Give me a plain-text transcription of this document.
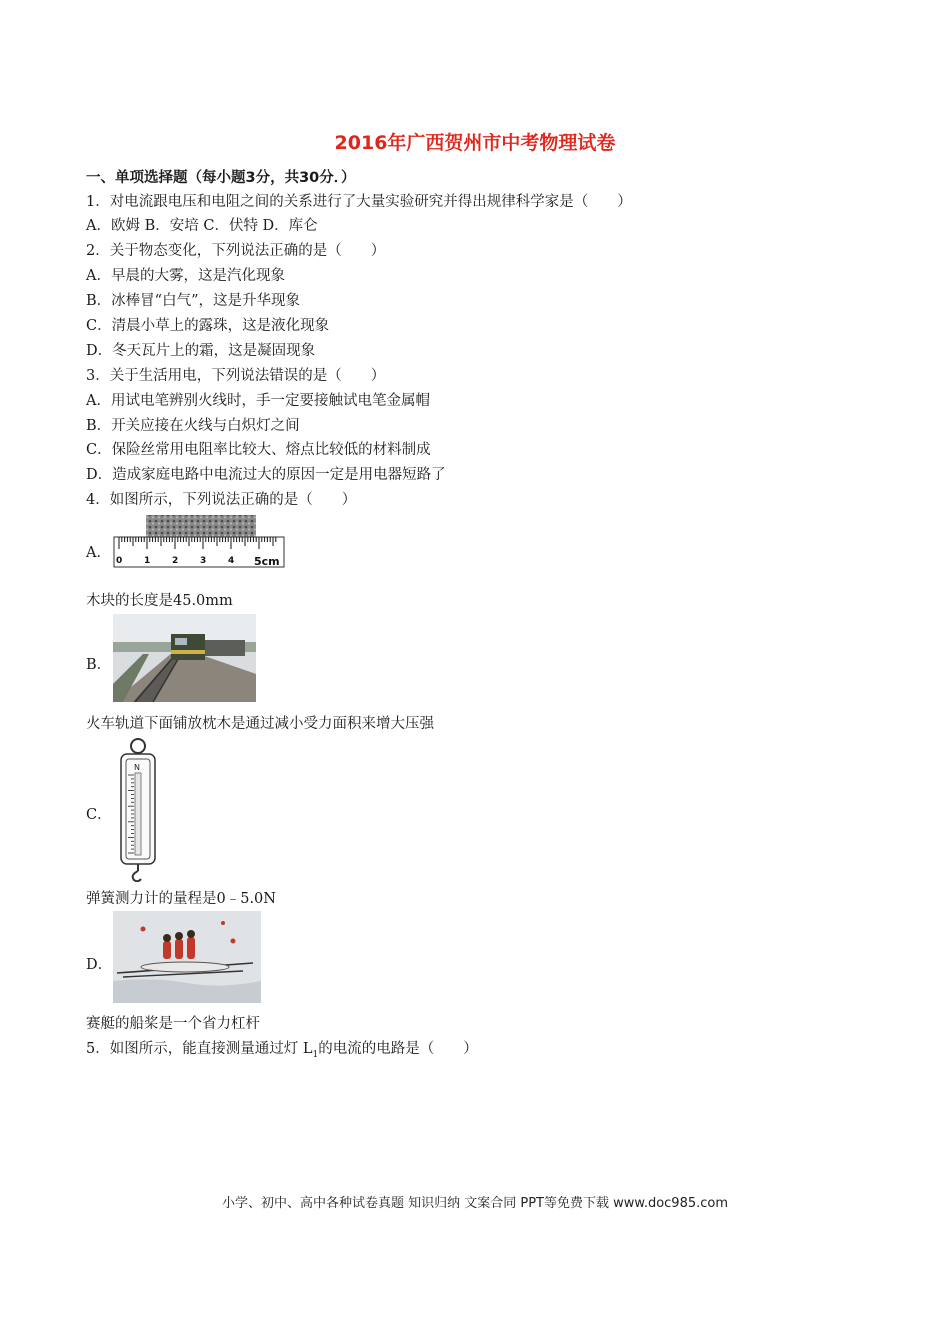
2016年广西贺州市中考物理试卷
一、单项选择题（每小题3分，共30分．）
1．对电流跟电压和电阻之间的关系进行了大量实验研究并得出规律科学家是（　　）
A．欧姆 B．安培 C．伏特 D．库仑
2．关于物态变化，下列说法正确的是（　　）
A．早晨的大雾，这是汽化现象
B．冰棒冒“白气”，这是升华现象
C．清晨小草上的露珠，这是液化现象
D．冬天瓦片上的霜，这是凝固现象
3．关于生活用电，下列说法错误的是（　　）
A．用试电笔辨别火线时，手一定要接触试电笔金属帽
B．开关应接在火线与白炽灯之间
C．保险丝常用电阻率比较大、熔点比较低的材料制成
D．造成家庭电路中电流过大的原因一定是用电器短路了
4．如图所示，下列说法正确的是（　　）
A． 0 1 2 3 4 5cm
木块的长度是45.0mm
B．
火车轨道下面铺放枕木是通过减小受力面积来增大压强
C．
N
弹簧测力计的量程是0﹣5.0N
D．
赛艇的船桨是一个省力杠杆
5．如图所示，能直接测量通过灯 $L_1$的电流的电路是（　　）
小学、初中、高中各种试卷真题 知识归纳 文案合同 PPT等免费下载 www.doc985.com
